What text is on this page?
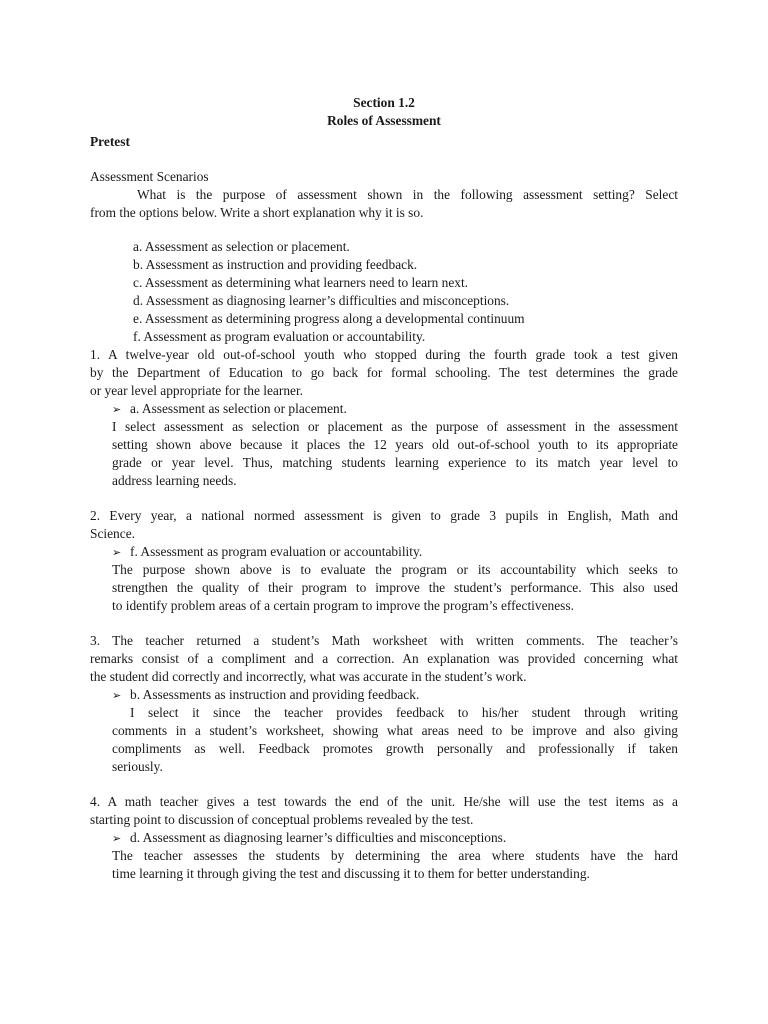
Section 1.2
Roles of Assessment
Pretest
Assessment Scenarios
What is the purpose of assessment shown in the following assessment setting? Select
from the options below. Write a short explanation why it is so.
a. Assessment as selection or placement.
b. Assessment as instruction and providing feedback.
c. Assessment as determining what learners need to learn next.
d. Assessment as diagnosing learner’s difficulties and misconceptions.
e. Assessment as determining progress along a developmental continuum
f. Assessment as program evaluation or accountability.
1. A twelve-year old out-of-school youth who stopped during the fourth grade took a test given
by the Department of Education to go back for formal schooling. The test determines the grade
or year level appropriate for the learner.
➢ a. Assessment as selection or placement.
I select assessment as selection or placement as the purpose of assessment in the assessment
setting shown above because it places the 12 years old out-of-school youth to its appropriate
grade or year level. Thus, matching students learning experience to its match year level to
address learning needs.
2. Every year, a national normed assessment is given to grade 3 pupils in English, Math and
Science.
➢ f. Assessment as program evaluation or accountability.
The purpose shown above is to evaluate the program or its accountability which seeks to
strengthen the quality of their program to improve the student’s performance. This also used
to identify problem areas of a certain program to improve the program’s effectiveness.
3. The teacher returned a student’s Math worksheet with written comments. The teacher’s
remarks consist of a compliment and a correction. An explanation was provided concerning what
the student did correctly and incorrectly, what was accurate in the student’s work.
➢ b. Assessments as instruction and providing feedback.
I select it since the teacher provides feedback to his/her student through writing
comments in a student’s worksheet, showing what areas need to be improve and also giving
compliments as well. Feedback promotes growth personally and professionally if taken
seriously.
4. A math teacher gives a test towards the end of the unit. He/she will use the test items as a
starting point to discussion of conceptual problems revealed by the test.
➢ d. Assessment as diagnosing learner’s difficulties and misconceptions.
The teacher assesses the students by determining the area where students have the hard
time learning it through giving the test and discussing it to them for better understanding.
